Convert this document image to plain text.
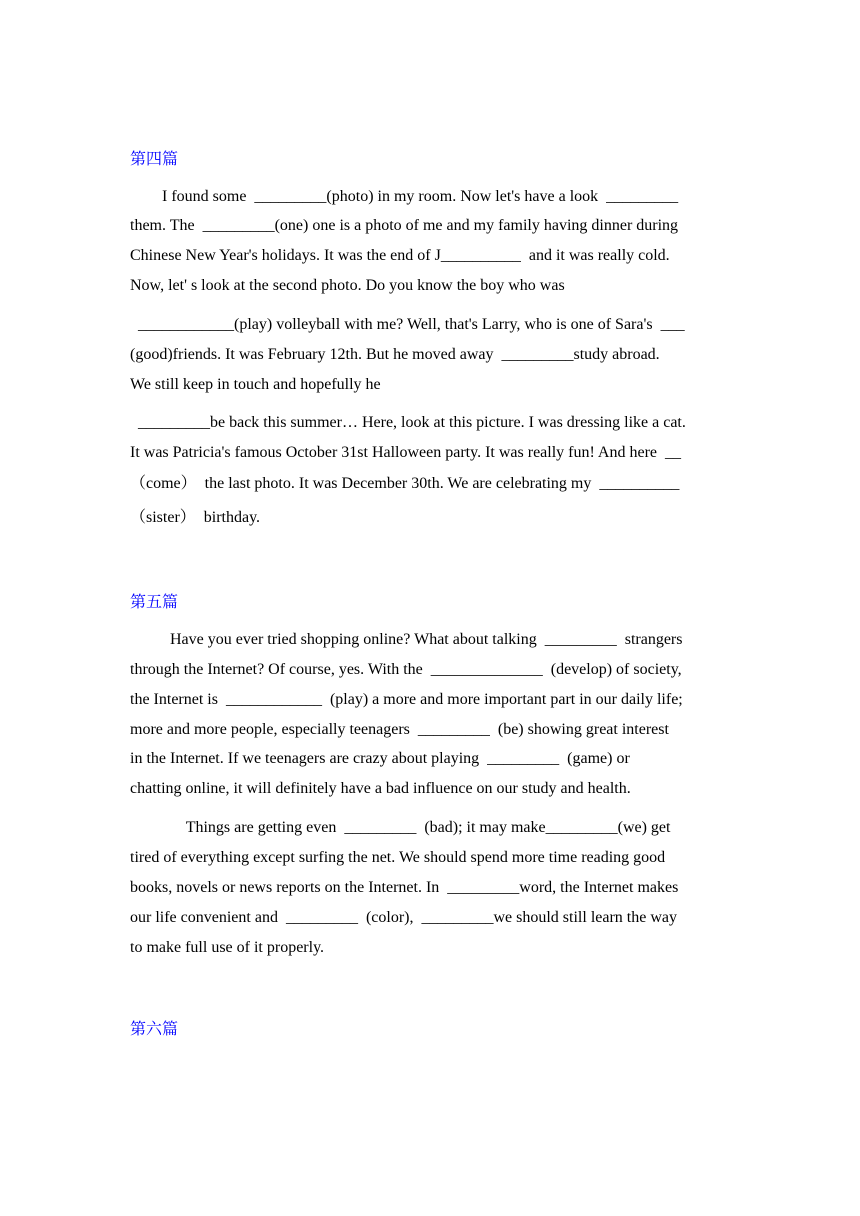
第四篇
I found some  _________(photo) in my room. Now let's have a look  _________
them. The  _________(one) one is a photo of me and my family having dinner during
Chinese New Year's holidays. It was the end of J__________  and it was really cold.
Now, let' s look at the second photo. Do you know the boy who was
____________(play) volleyball with me? Well, that's Larry, who is one of Sara's  ___
(good)friends. It was February 12th. But he moved away  _________study abroad.
We still keep in touch and hopefully he
_________be back this summer… Here, look at this picture. I was dressing like a cat.
It was Patricia's famous October 31st Halloween party. It was really fun! And here  __
（come）  the last photo. It was December 30th. We are celebrating my  __________
（sister）  birthday.
第五篇
Have you ever tried shopping online? What about talking  _________  strangers
through the Internet? Of course, yes. With the  ______________  (develop) of society,
the Internet is  ____________  (play) a more and more important part in our daily life;
more and more people, especially teenagers  _________  (be) showing great interest
in the Internet. If we teenagers are crazy about playing  _________  (game) or
chatting online, it will definitely have a bad influence on our study and health.
Things are getting even  _________  (bad); it may make_________(we) get
tired of everything except surfing the net. We should spend more time reading good
books, novels or news reports on the Internet. In  _________word, the Internet makes
our life convenient and  _________  (color),  _________we should still learn the way
to make full use of it properly.
第六篇
